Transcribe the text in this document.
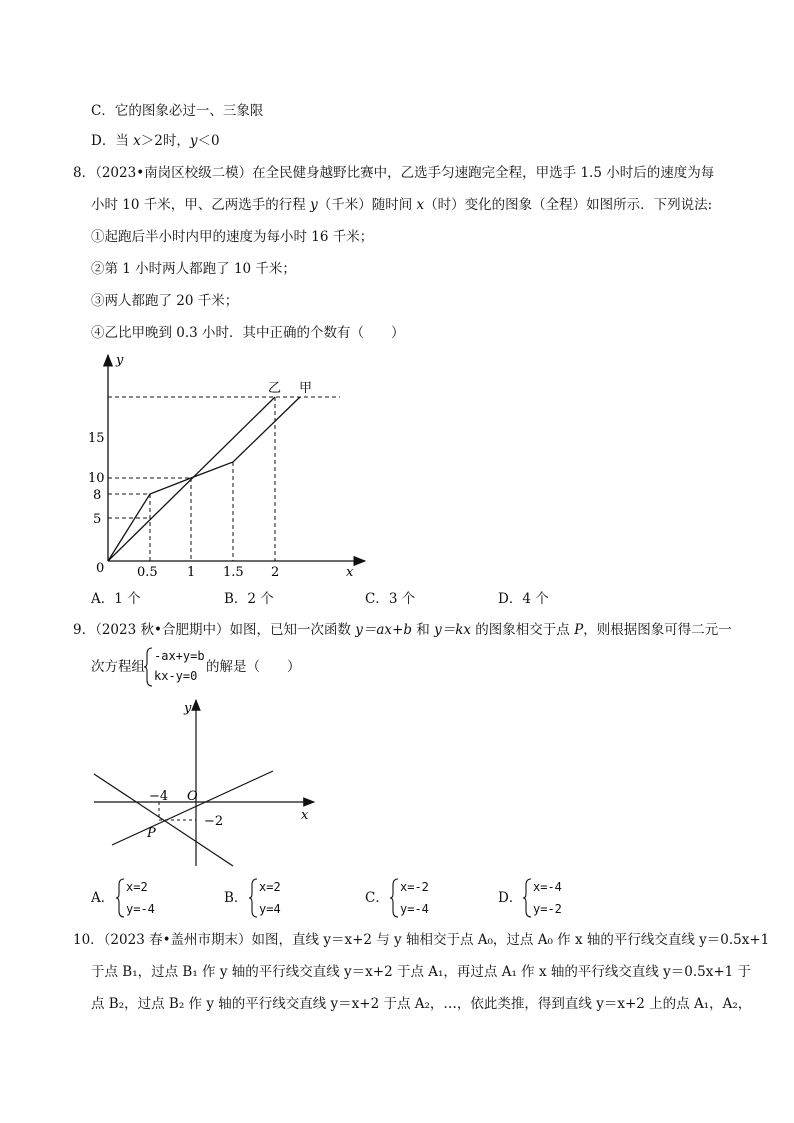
C．它的图象必过一、三象限
D．当 x＞2时，y＜0
8．（2023•南岗区校级二模）在全民健身越野比赛中，乙选手匀速跑完全程，甲选手 1.5 小时后的速度为每
小时 10 千米，甲、乙两选手的行程 y（千米）随时间 x（时）变化的图象（全程）如图所示．下列说法:
①起跑后半小时内甲的速度为每小时 16 千米；
②第 1 小时两人都跑了 10 千米；
③两人都跑了 20 千米；
④乙比甲晚到 0.3 小时．其中正确的个数有（　　）
y
x
0
15
10
8
5
0.5 1 1.5 2
乙 甲
A．1 个	B．2 个	C．3 个	D．4 个
9．（2023 秋•合肥期中）如图，已知一次函数 y＝ax+b 和 y＝kx 的图象相交于点 P，则根据图象可得二元一
次方程组
-ax+y=b
kx-y=0
的解是（　　）
y
x
O
−4
−2
P
A．
x=2
y=-4
B．
x=2
y=4
C．
x=-2
y=-4
D．
x=-4
y=-2
10．（2023 春•盖州市期末）如图，直线 y＝x+2 与 y 轴相交于点 A₀，过点 A₀ 作 x 轴的平行线交直线 y＝0.5x+1
于点 B₁，过点 B₁ 作 y 轴的平行线交直线 y＝x+2 于点 A₁，再过点 A₁ 作 x 轴的平行线交直线 y＝0.5x+1 于
点 B₂，过点 B₂ 作 y 轴的平行线交直线 y＝x+2 于点 A₂，…，依此类推，得到直线 y＝x+2 上的点 A₁，A₂，
